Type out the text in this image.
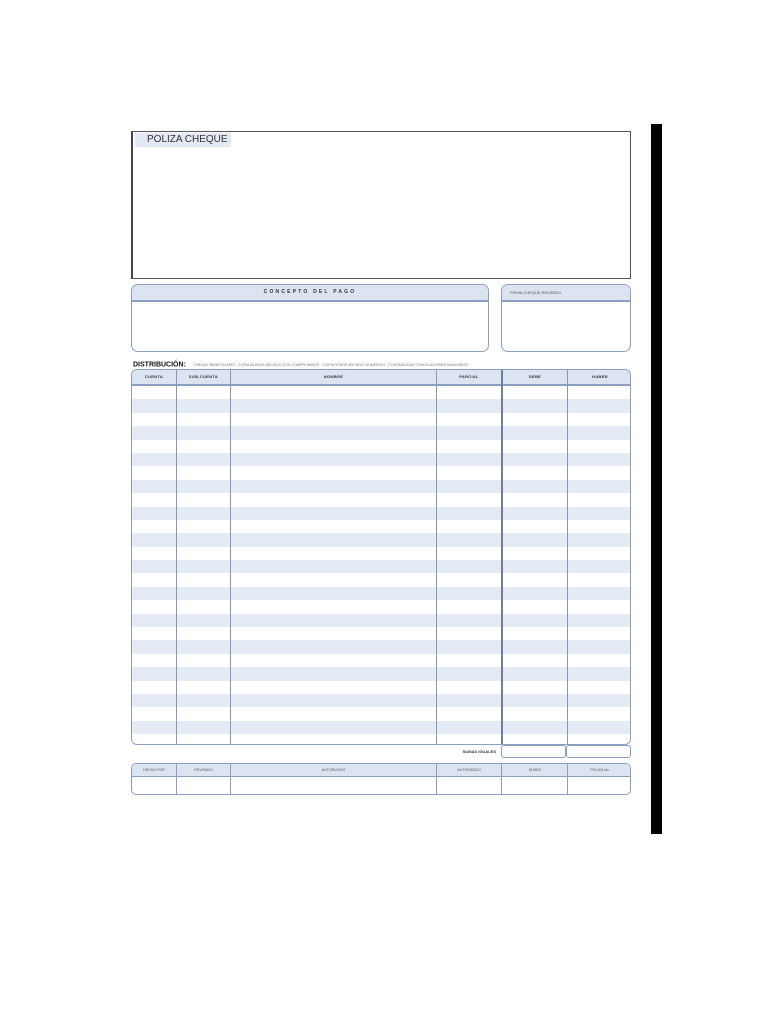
POLIZA CHEQUE
CONCEPTO DEL PAGO	FIRMA CHEQUE RECIBIDO
DISTRIBUCIÓN: CHEQUE BENEFICIARIO · COPIA BLANCA ARCHIVO CON COMPROBANTE · COPIA VERDE ARCHIVO NUMÉRICO · CONTABILIDAD CONCILIACIONES BANCARIAS
CUENTA	SUB-CUENTA	NOMBRE	PARCIAL	DEBE	HABER
SUMAS IGUALES
HECHO POR	REVISADO	AUTORIZADO	AUTORIZADO	DIARIO	POLIZA No.
